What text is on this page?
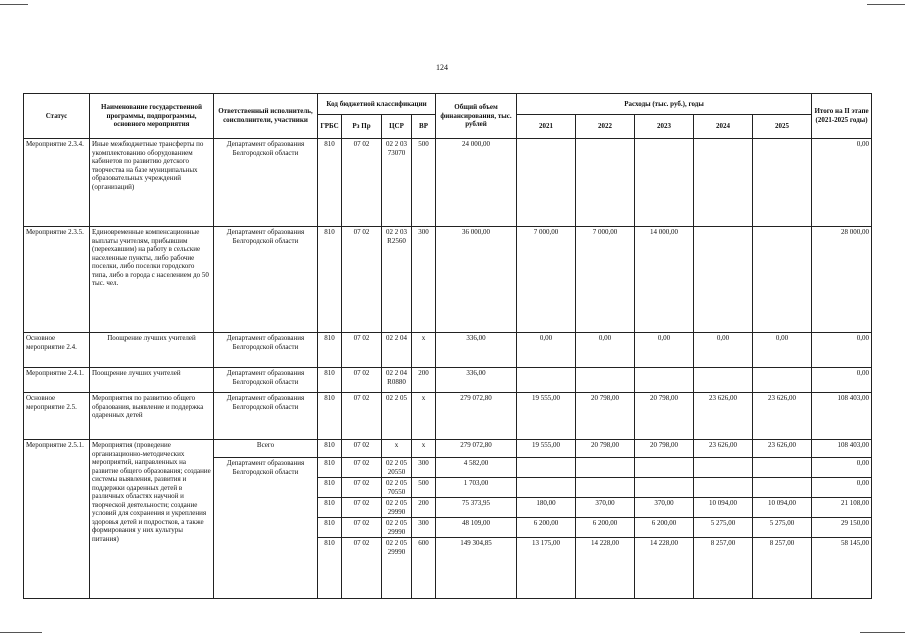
124
Статус	Наименование государственной программы, подпрограммы, основного мероприятия	Ответственный исполнитель, соисполнители, участники	Код бюджетной классификации				Общий объем финансирования, тыс. рублей	Расходы (тыс. руб.), годы					Итого на II этапе (2021-2025 годы)
			ГРБС	Рз Пр	ЦСР	ВР		2021	2022	2023	2024	2025	
Мероприятие 2.3.4.	Иные межбюджетные трансферты по укомплектованию оборудованием кабинетов по развитию детского творчества на базе муниципальных образовательных учреждений (организаций)	Департамент образования Белгородской области	810	07 02	02 2 03 73070	500	24 000,00						0,00
Мероприятие 2.3.5.	Единовременные компенсационные выплаты учителям, прибывшим (переехавшим) на работу в сельские населенные пункты, либо рабочие поселки, либо поселки городского типа, либо в города с населением до 50 тыс. чел.	Департамент образования Белгородской области	810	07 02	02 2 03 R2560	300	36 000,00	7 000,00	7 000,00	14 000,00			28 000,00
Основное мероприятие 2.4.	Поощрение лучших учителей	Департамент образования Белгородской области	810	07 02	02 2 04	х	336,00	0,00	0,00	0,00	0,00	0,00	0,00
Мероприятие 2.4.1.	Поощрение лучших учителей	Департамент образования Белгородской области	810	07 02	02 2 04 R0880	200	336,00						0,00
Основное мероприятие 2.5.	Мероприятия по развитию общего образования, выявление и поддержка одаренных детей	Департамент образования Белгородской области	810	07 02	02 2 05	х	279 072,80	19 555,00	20 798,00	20 798,00	23 626,00	23 626,00	108 403,00
Мероприятие 2.5.1.	Мероприятия (проведение организационно-методических мероприятий, направленных на развитие общего образования; создание системы выявления, развития и поддержки одаренных детей в различных областях научной и творческой деятельности; создание условий для сохранения и укрепления здоровья детей и подростков, а также формирования у них культуры питания)	Всего	810	07 02	х	х	279 072,80	19 555,00	20 798,00	20 798,00	23 626,00	23 626,00	108 403,00
		Департамент образования Белгородской области	810	07 02	02 2 05 20550	300	4 582,00						0,00
			810	07 02	02 2 05 70550	500	1 703,00						0,00
			810	07 02	02 2 05 29990	200	75 373,95	180,00	370,00	370,00	10 094,00	10 094,00	21 108,00
			810	07 02	02 2 05 29990	300	48 109,00	6 200,00	6 200,00	6 200,00	5 275,00	5 275,00	29 150,00
			810	07 02	02 2 05 29990	600	149 304,85	13 175,00	14 228,00	14 228,00	8 257,00	8 257,00	58 145,00
